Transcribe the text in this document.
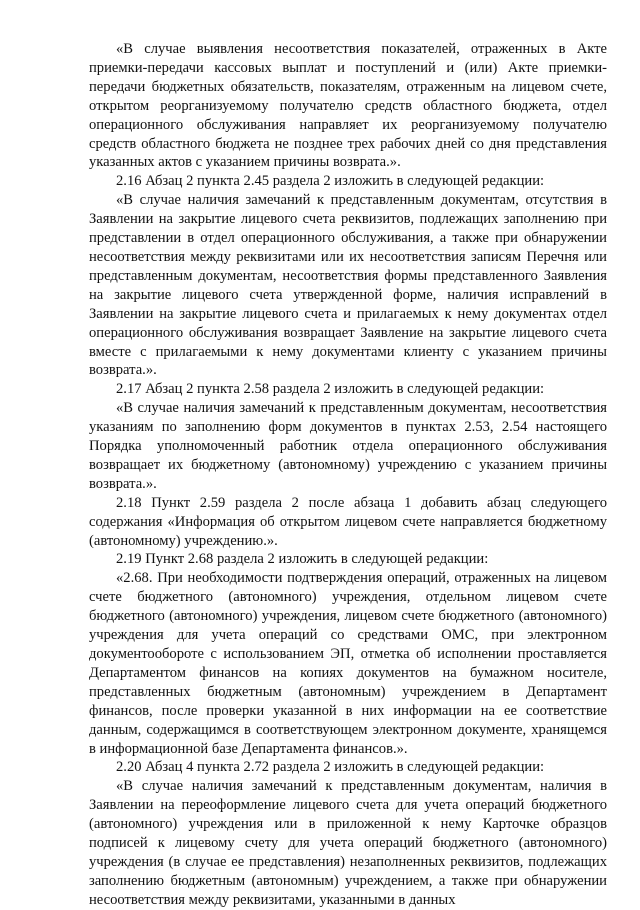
«В случае выявления несоответствия показателей, отраженных в Акте приемки-передачи кассовых выплат и поступлений и (или) Акте приемки-передачи бюджетных обязательств, показателям, отраженным на лицевом счете, открытом реорганизуемому получателю средств областного бюджета, отдел операционного обслуживания направляет их реорганизуемому получателю средств областного бюджета не позднее трех рабочих дней со дня представления указанных актов с указанием причины возврата.».

2.16 Абзац 2 пункта 2.45 раздела 2 изложить в следующей редакции:

«В случае наличия замечаний к представленным документам, отсутствия в Заявлении на закрытие лицевого счета реквизитов, подлежащих заполнению при представлении в отдел операционного обслуживания, а также при обнаружении несоответствия между реквизитами или их несоответствия записям Перечня или представленным документам, несоответствия формы представленного Заявления на закрытие лицевого счета утвержденной форме, наличия исправлений в Заявлении на закрытие лицевого счета и прилагаемых к нему документах отдел операционного обслуживания возвращает Заявление на закрытие лицевого счета вместе с прилагаемыми к нему документами клиенту с указанием причины возврата.».

2.17 Абзац 2 пункта 2.58 раздела 2 изложить в следующей редакции:

«В случае наличия замечаний к представленным документам, несоответствия указаниям по заполнению форм документов в пунктах 2.53, 2.54 настоящего Порядка уполномоченный работник отдела операционного обслуживания возвращает их бюджетному (автономному) учреждению с указанием причины возврата.».

2.18 Пункт 2.59 раздела 2 после абзаца 1 добавить абзац следующего содержания «Информация об открытом лицевом счете направляется бюджетному (автономному) учреждению.».

2.19 Пункт 2.68 раздела 2 изложить в следующей редакции:

«2.68. При необходимости подтверждения операций, отраженных на лицевом счете бюджетного (автономного) учреждения, отдельном лицевом счете бюджетного (автономного) учреждения, лицевом счете бюджетного (автономного) учреждения для учета операций со средствами ОМС, при электронном документообороте с использованием ЭП, отметка об исполнении проставляется Департаментом финансов на копиях документов на бумажном носителе, представленных бюджетным (автономным) учреждением в Департамент финансов, после проверки указанной в них информации на ее соответствие данным, содержащимся в соответствующем электронном документе, хранящемся в информационной базе Департамента финансов.».

2.20 Абзац 4 пункта 2.72 раздела 2 изложить в следующей редакции:

«В случае наличия замечаний к представленным документам, наличия в Заявлении на переоформление лицевого счета для учета операций бюджетного (автономного) учреждения или в приложенной к нему Карточке образцов подписей к лицевому счету для учета операций бюджетного (автономного) учреждения (в случае ее представления) незаполненных реквизитов, подлежащих заполнению бюджетным (автономным) учреждением, а также при обнаружении несоответствия между реквизитами, указанными в данных
